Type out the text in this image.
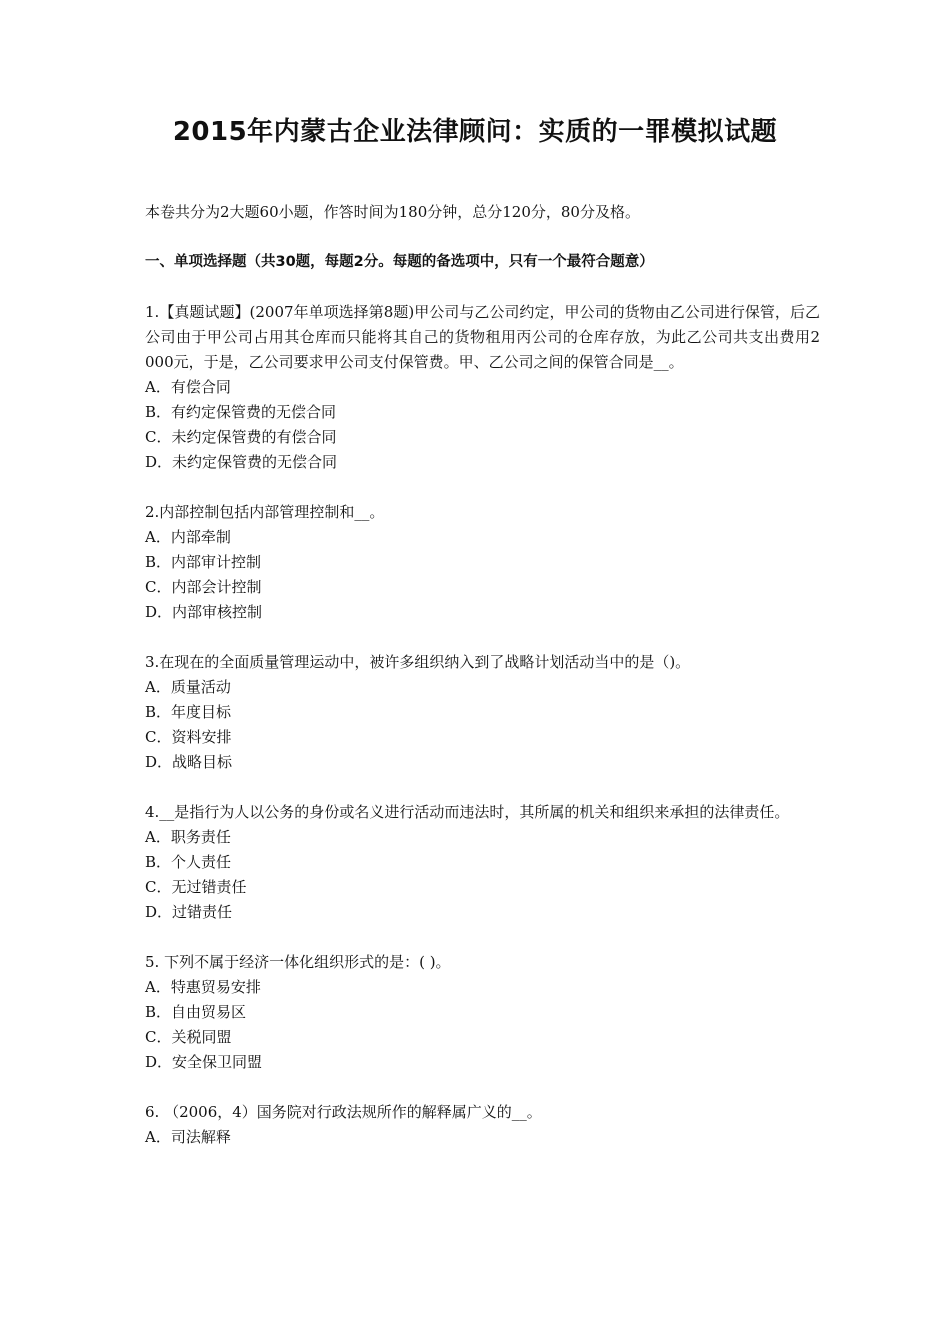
2015年内蒙古企业法律顾问：实质的一罪模拟试题

本卷共分为2大题60小题，作答时间为180分钟，总分120分，80分及格。

一、单项选择题（共30题，每题2分。每题的备选项中，只有一个最符合题意）

1.【真题试题】(2007年单项选择第8题)甲公司与乙公司约定，甲公司的货物由乙公司进行保管，后乙公司由于甲公司占用其仓库而只能将其自己的货物租用丙公司的仓库存放，为此乙公司共支出费用2 000元，于是，乙公司要求甲公司支付保管费。甲、乙公司之间的保管合同是__。

A．有偿合同

B．有约定保管费的无偿合同

C．未约定保管费的有偿合同

D．未约定保管费的无偿合同

2.内部控制包括内部管理控制和__。

A．内部牵制

B．内部审计控制

C．内部会计控制

D．内部审核控制

3.在现在的全面质量管理运动中，被许多组织纳入到了战略计划活动当中的是（)。

A．质量活动

B．年度目标

C．资料安排

D．战略目标

4.__是指行为人以公务的身份或名义进行活动而违法时，其所属的机关和组织来承担的法律责任。

A．职务责任

B．个人责任

C．无过错责任

D．过错责任

5. 下列不属于经济一体化组织形式的是：( )。

A．特惠贸易安排

B．自由贸易区

C．关税同盟

D．安全保卫同盟

6. （2006，4）国务院对行政法规所作的解释属广义的__。

A．司法解释
